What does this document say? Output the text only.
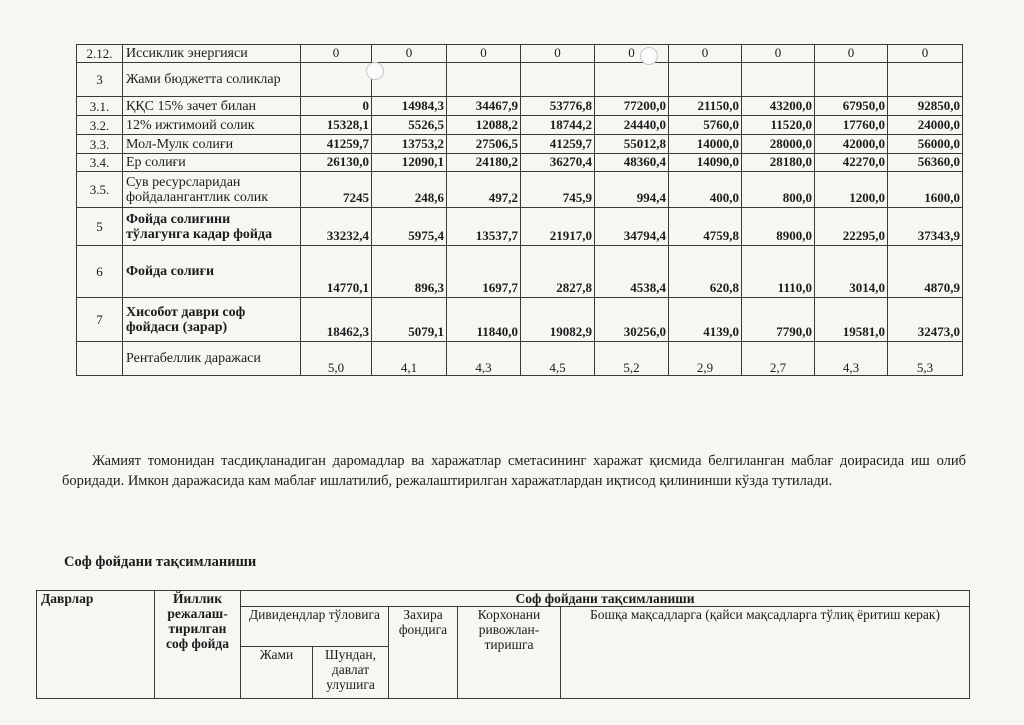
2.12.	Иссиклик энергияси	0	0	0	0	0	0	0	0	0
3	Жами бюджетта соликлар									
3.1.	ҚҚС 15% зачет билан	0	14984,3	34467,9	53776,8	77200,0	21150,0	43200,0	67950,0	92850,0
3.2.	12% ижтимоий солик	15328,1	5526,5	12088,2	18744,2	24440,0	5760,0	11520,0	17760,0	24000,0
3.3.	Мол-Мулк солиғи	41259,7	13753,2	27506,5	41259,7	55012,8	14000,0	28000,0	42000,0	56000,0
3.4.	Ер солиғи	26130,0	12090,1	24180,2	36270,4	48360,4	14090,0	28180,0	42270,0	56360,0
3.5.	Сув ресурсларидан фойдалангантлик солик	7245	248,6	497,2	745,9	994,4	400,0	800,0	1200,0	1600,0
5	Фойда солиғини тўлагунга кадар фойда	33232,4	5975,4	13537,7	21917,0	34794,4	4759,8	8900,0	22295,0	37343,9
6	Фойда солиғи	14770,1	896,3	1697,7	2827,8	4538,4	620,8	1110,0	3014,0	4870,9
7	Хисобот даври соф фойдаси (зарар)	18462,3	5079,1	11840,0	19082,9	30256,0	4139,0	7790,0	19581,0	32473,0
	Рентабеллик даражаси	5,0	4,1	4,3	4,5	5,2	2,9	2,7	4,3	5,3

Жамият томонидан тасдиқланадиган даромадлар ва харажатлар сметасининг харажат қисмида белгиланган маблағ доирасида иш олиб боридади. Имкон даражасида кам маблағ ишлатилиб, режалаштирилган харажатлардан иқтисод қилининши кўзда тутилади.

Соф фойдани тақсимланиши
Даврлар	Йиллик режалаш-тирилган соф фойда	Соф фойдани тақсимланиши				
		Дивидендлар тўловига		Захира фондига	Корхонани ривожлан-тиришга	Бошқа мақсадларга (қайси мақсадларга тўлиқ ёритиш керак)
		Жами	Шундан, давлат улушига			
